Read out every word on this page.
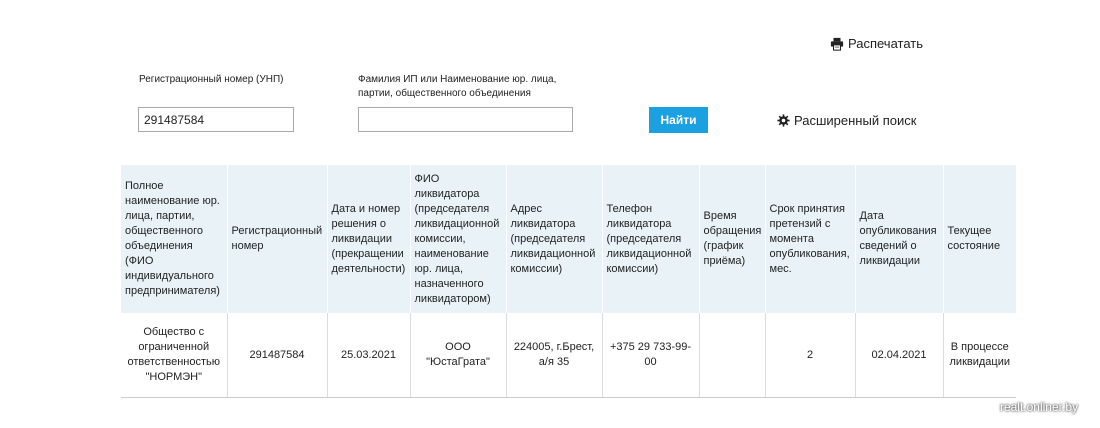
Распечатать
Регистрационный номер (УНП)	Фамилия ИП или Наименование юр. лица, партии, общественного объединения
291487584
Найти	Расширенный поиск
Полное наименование юр. лица, партии, общественного объединения (ФИО индивидуального предпринимателя)	Регистрационный номер	Дата и номер решения о ликвидации (прекращении деятельности)	ФИО ликвидатора (председателя ликвидационной комиссии, наименование юр. лица, назначенного ликвидатором)	Адрес ликвидатора (председателя ликвидационной комиссии)	Телефон ликвидатора (председателя ликвидационной комиссии)	Время обращения (график приёма)	Срок принятия претензий с момента опубликования, мес.	Дата опубликования сведений о ликвидации	Текущее состояние
Общество с ограниченной ответственностью "НОРМЭН"	291487584	25.03.2021	ООО "ЮстаГрата"	224005, г.Брест, а/я 35	+375 29 733-99-00		2	02.04.2021	В процессе ликвидации
realt.onliner.by
